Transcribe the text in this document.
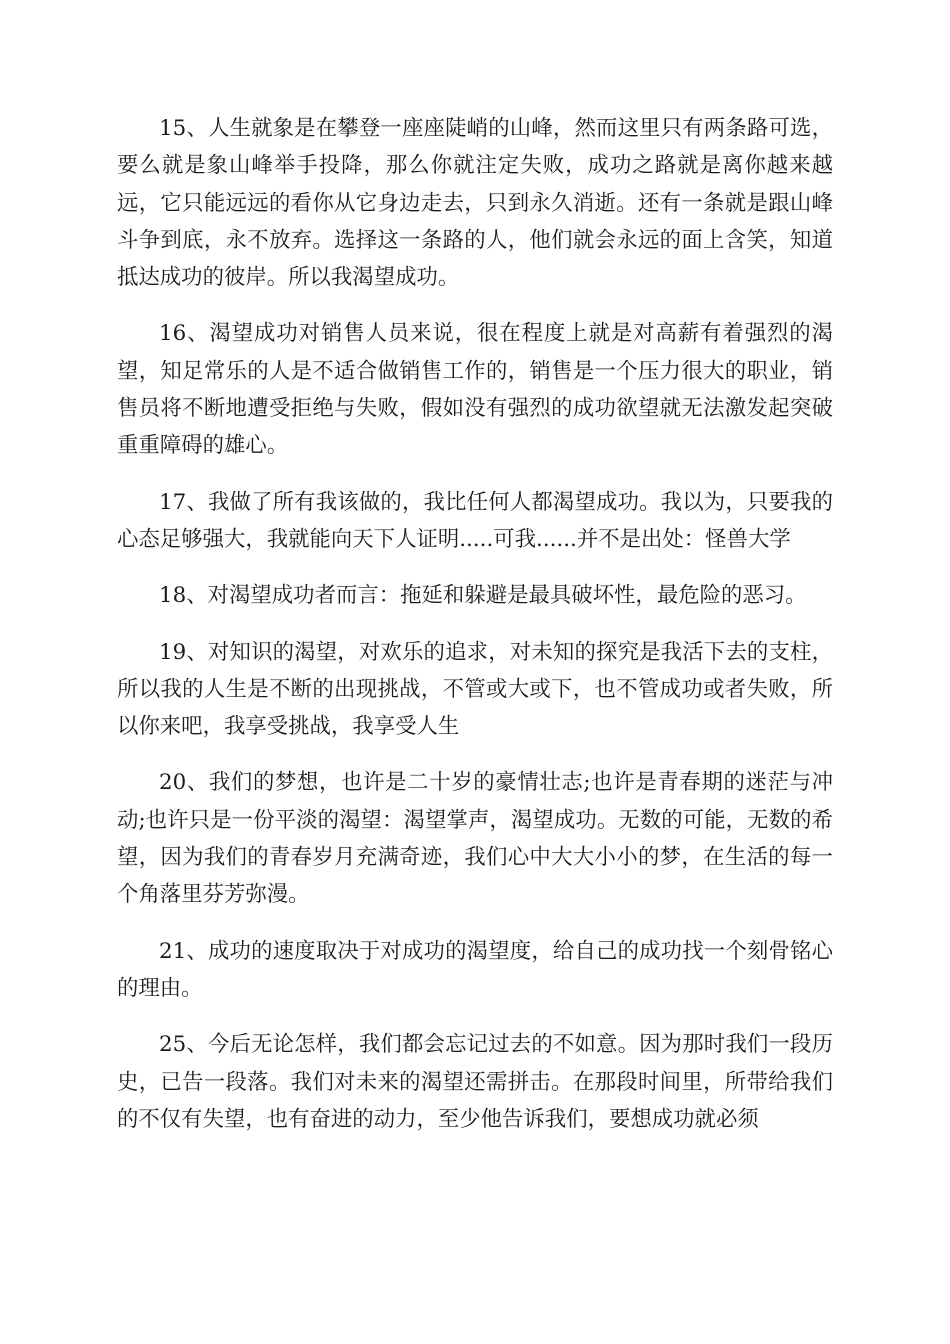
15、人生就象是在攀登一座座陡峭的山峰，然而这里只有两条路可选，要么就是象山峰举手投降，那么你就注定失败，成功之路就是离你越来越远，它只能远远的看你从它身边走去，只到永久消逝。还有一条就是跟山峰斗争到底，永不放弃。选择这一条路的人，他们就会永远的面上含笑，知道抵达成功的彼岸。所以我渴望成功。

16、渴望成功对销售人员来说，很在程度上就是对高薪有着强烈的渴望，知足常乐的人是不适合做销售工作的，销售是一个压力很大的职业，销售员将不断地遭受拒绝与失败，假如没有强烈的成功欲望就无法激发起突破重重障碍的雄心。

17、我做了所有我该做的，我比任何人都渴望成功。我以为，只要我的心态足够强大，我就能向天下人证明.....可我......并不是出处：怪兽大学

18、对渴望成功者而言：拖延和躲避是最具破坏性，最危险的恶习。

19、对知识的渴望，对欢乐的追求，对未知的探究是我活下去的支柱，所以我的人生是不断的出现挑战，不管或大或下，也不管成功或者失败，所以你来吧，我享受挑战，我享受人生

20、我们的梦想，也许是二十岁的豪情壮志;也许是青春期的迷茫与冲动;也许只是一份平淡的渴望：渴望掌声，渴望成功。无数的可能，无数的希望，因为我们的青春岁月充满奇迹，我们心中大大小小的梦，在生活的每一个角落里芬芳弥漫。

21、成功的速度取决于对成功的渴望度，给自己的成功找一个刻骨铭心的理由。

25、今后无论怎样，我们都会忘记过去的不如意。因为那时我们一段历史，已告一段落。我们对未来的渴望还需拼击。在那段时间里，所带给我们的不仅有失望，也有奋进的动力，至少他告诉我们，要想成功就必须
